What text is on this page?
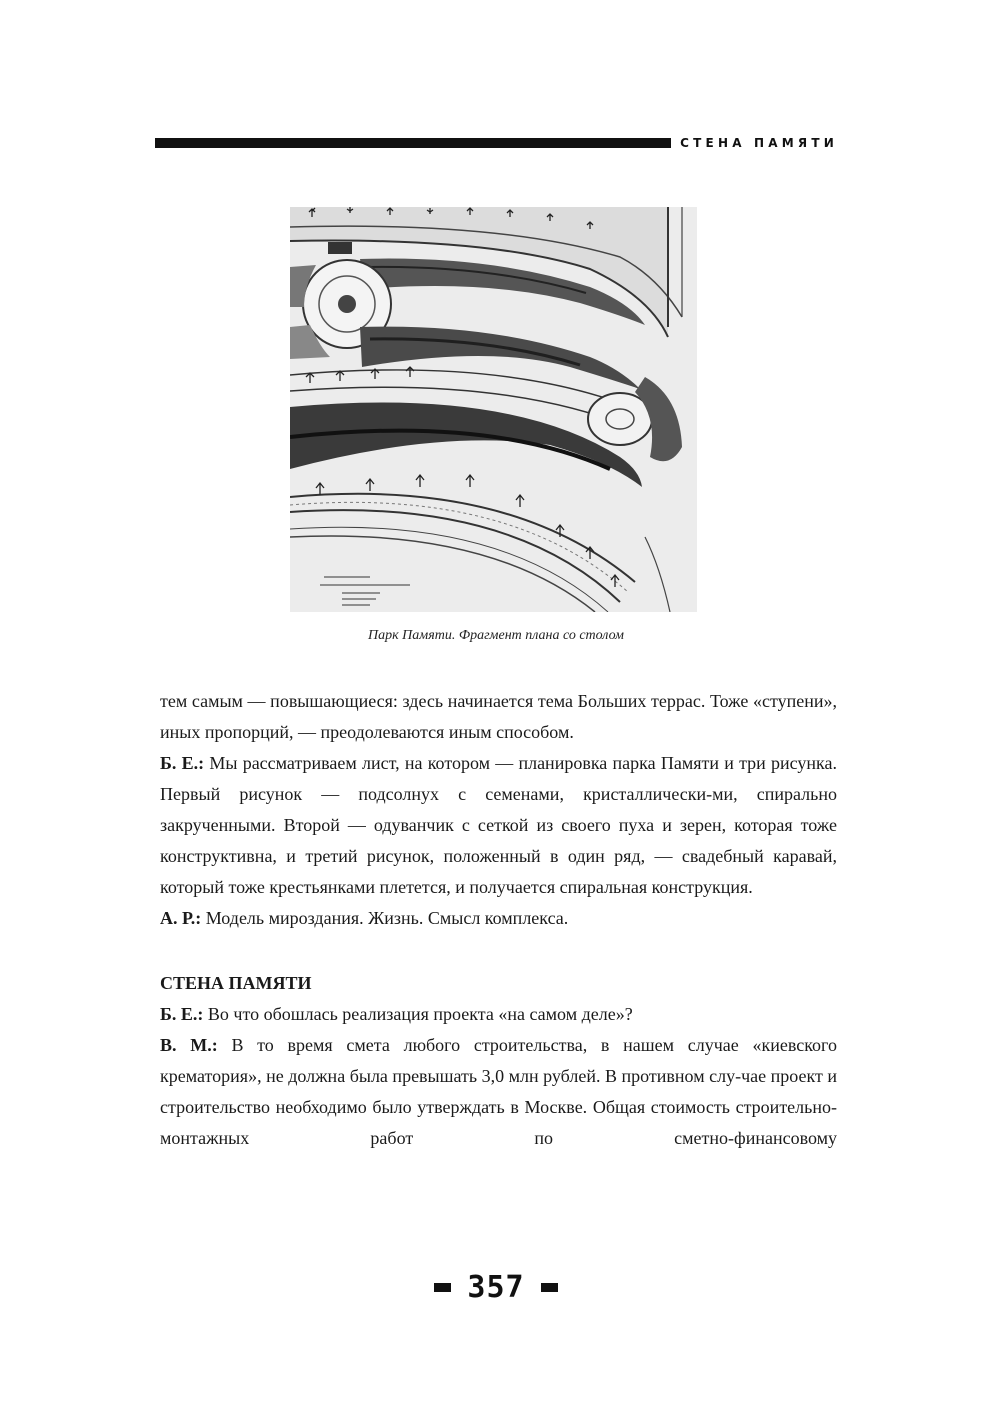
СТЕНА ПАМЯТИ
Парк Памяти. Фрагмент плана со столом

тем самым — повышающиеся: здесь начинается тема Больших террас. Тоже «ступени», иных пропорций, — преодолеваются иным способом.

Б. Е.: Мы рассматриваем лист, на котором — планировка парка Памяти и три рисунка. Первый рисунок — подсолнух с семенами, кристаллически-ми, спирально закрученными. Второй — одуванчик с сеткой из своего пуха и зерен, которая тоже конструктивна, и третий рисунок, положенный в один ряд, — свадебный каравай, который тоже крестьянками плетется, и получается спиральная конструкция.

А. Р.: Модель мироздания. Жизнь. Смысл комплекса.

СТЕНА ПАМЯТИ

Б. Е.: Во что обошлась реализация проекта «на самом деле»?

В. М.: В то время смета любого строительства, в нашем случае «киевского крематория», не должна была превышать 3,0 млн рублей. В противном слу-чае проект и строительство необходимо было утверждать в Москве. Общая стоимость строительно-монтажных работ по сметно-финансовому

357
